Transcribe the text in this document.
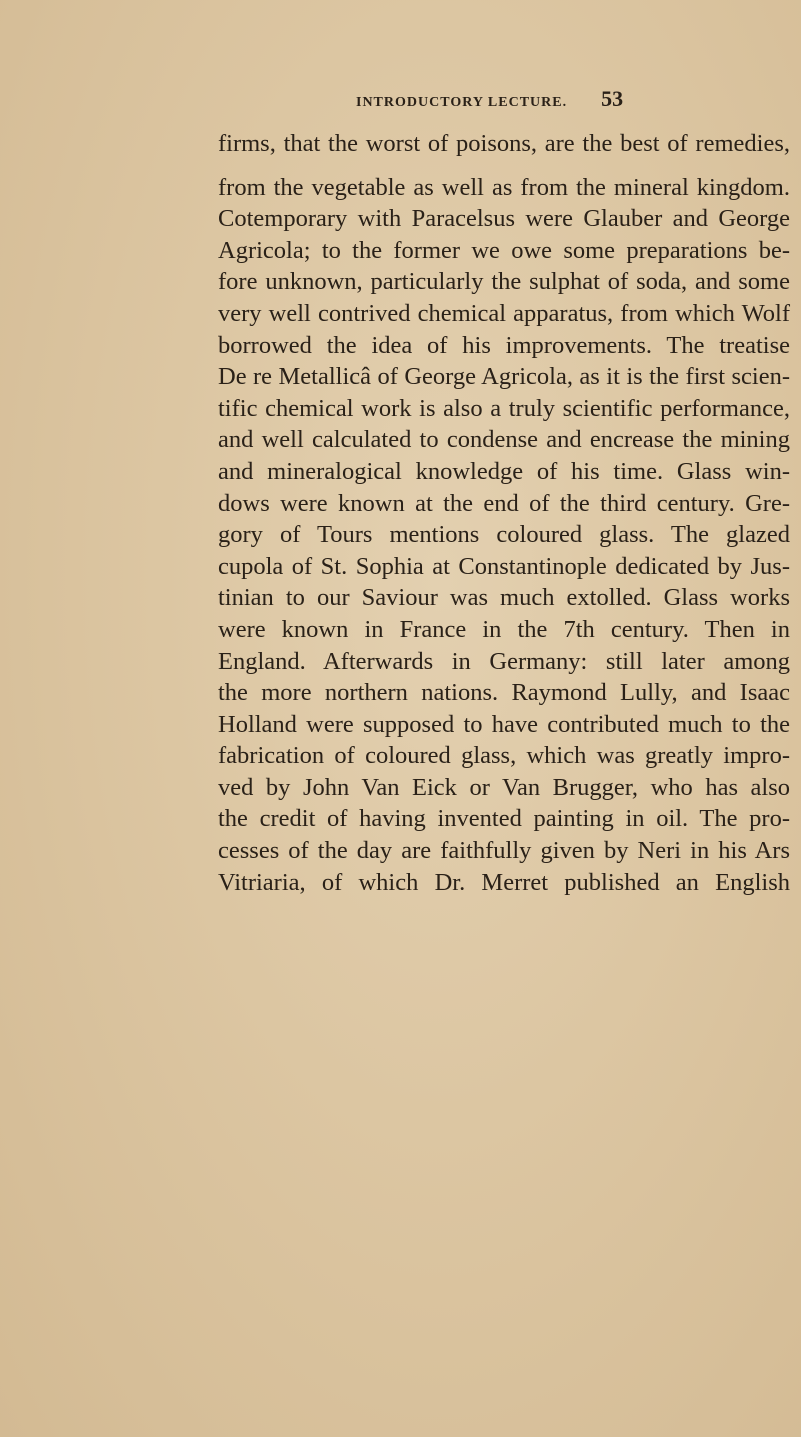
INTRODUCTORY LECTURE. 53
firms, that the worst of poisons, are the best of remedies,
from the vegetable as well as from the mineral kingdom.
Cotemporary with Paracelsus were Glauber and George
Agricola; to the former we owe some preparations be-
fore unknown, particularly the sulphat of soda, and some
very well contrived chemical apparatus, from which Wolf
borrowed the idea of his improvements. The treatise
De re Metallicâ of George Agricola, as it is the first scien-
tific chemical work is also a truly scientific performance,
and well calculated to condense and encrease the mining
and mineralogical knowledge of his time. Glass win-
dows were known at the end of the third century. Gre-
gory of Tours mentions coloured glass. The glazed
cupola of St. Sophia at Constantinople dedicated by Jus-
tinian to our Saviour was much extolled. Glass works
were known in France in the 7th century. Then in
England. Afterwards in Germany: still later among
the more northern nations. Raymond Lully, and Isaac
Holland were supposed to have contributed much to the
fabrication of coloured glass, which was greatly impro-
ved by John Van Eick or Van Brugger, who has also
the credit of having invented painting in oil. The pro-
cesses of the day are faithfully given by Neri in his Ars
Vitriaria, of which Dr. Merret published an English
